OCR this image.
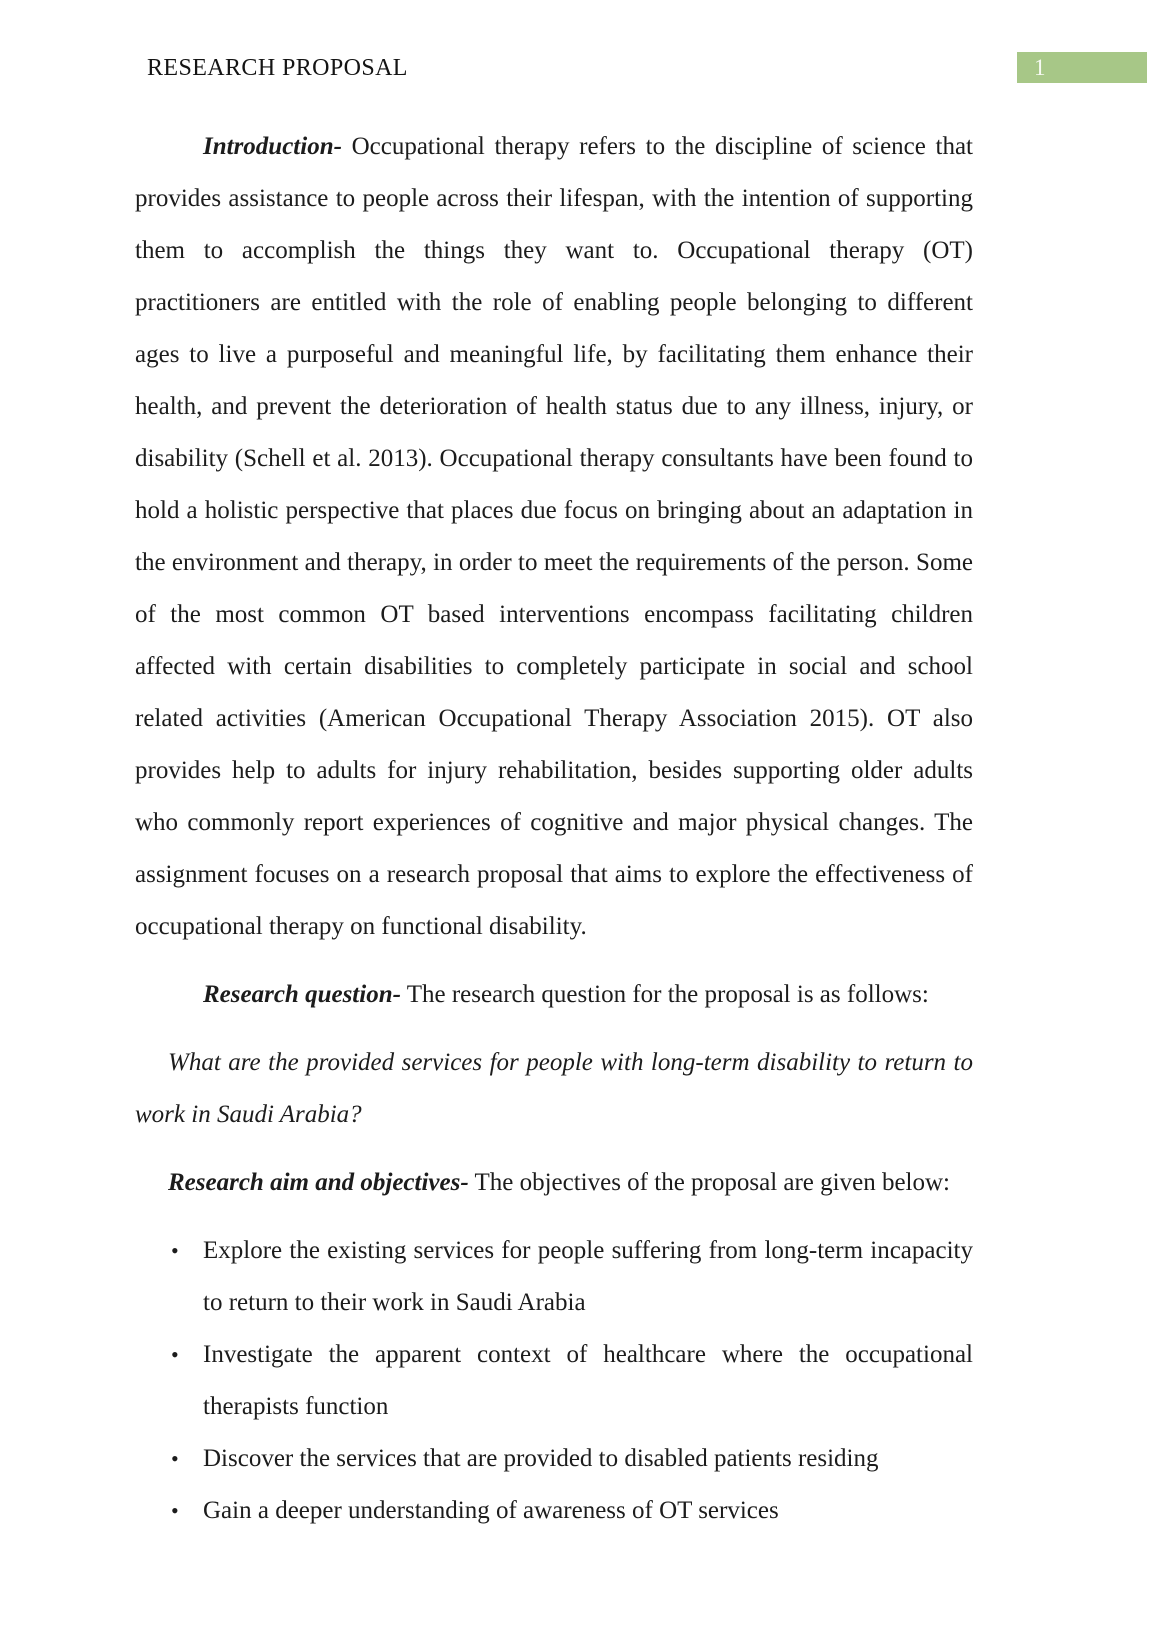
RESEARCH PROPOSAL	1

Introduction- Occupational therapy refers to the discipline of science that provides assistance to people across their lifespan, with the intention of supporting them to accomplish the things they want to. Occupational therapy (OT) practitioners are entitled with the role of enabling people belonging to different ages to live a purposeful and meaningful life, by facilitating them enhance their health, and prevent the deterioration of health status due to any illness, injury, or disability (Schell et al. 2013). Occupational therapy consultants have been found to hold a holistic perspective that places due focus on bringing about an adaptation in the environment and therapy, in order to meet the requirements of the person. Some of the most common OT based interventions encompass facilitating children affected with certain disabilities to completely participate in social and school related activities (American Occupational Therapy Association 2015). OT also provides help to adults for injury rehabilitation, besides supporting older adults who commonly report experiences of cognitive and major physical changes. The assignment focuses on a research proposal that aims to explore the effectiveness of occupational therapy on functional disability.

Research question- The research question for the proposal is as follows:

What are the provided services for people with long-term disability to return to work in Saudi Arabia?

Research aim and objectives- The objectives of the proposal are given below:

• Explore the existing services for people suffering from long-term incapacity to return to their work in Saudi Arabia
• Investigate the apparent context of healthcare where the occupational therapists function
• Discover the services that are provided to disabled patients residing
• Gain a deeper understanding of awareness of OT services
